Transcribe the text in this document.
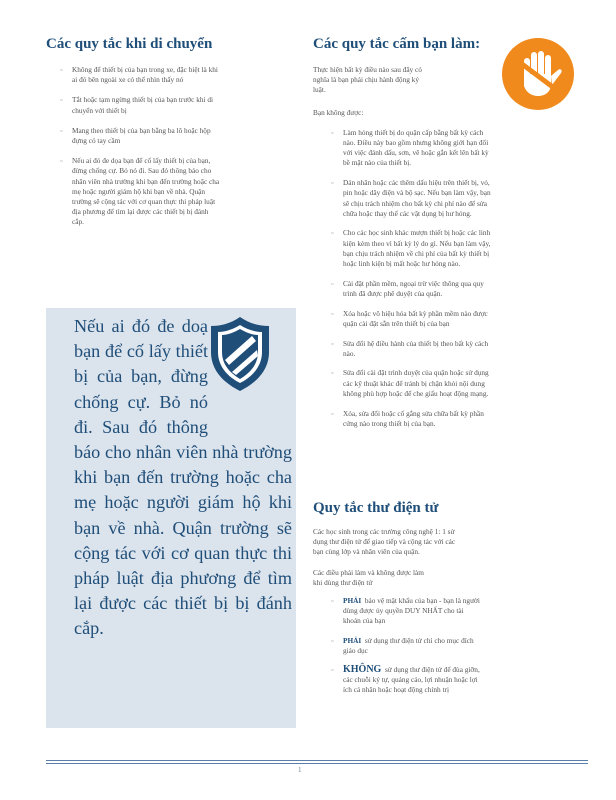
Các quy tắc khi di chuyển
▫ Không để thiết bị của bạn trong xe, đặc biệt là khi ai đó bên ngoài xe có thể nhìn thấy nó
▫ Tắt hoặc tạm ngừng thiết bị của bạn trước khi di chuyển với thiết bị
▫ Mang theo thiết bị của bạn bằng ba lô hoặc hộp đựng có tay cầm
▫ Nếu ai đó đe dọa bạn để cố lấy thiết bị của bạn, đừng chống cự. Bỏ nó đi. Sau đó thông báo cho nhân viên nhà trường khi bạn đến trường hoặc cha mẹ hoặc người giám hộ khi bạn về nhà. Quận trường sẽ cộng tác với cơ quan thực thi pháp luật địa phương để tìm lại được các thiết bị bị đánh cắp.
Nếu ai đó đe doạ bạn để cố lấy thiết bị của bạn, đừng chống cự. Bỏ nó đi. Sau đó thông báo cho nhân viên nhà trường khi bạn đến trường hoặc cha mẹ hoặc người giám hộ khi bạn về nhà. Quận trường sẽ cộng tác với cơ quan thực thi pháp luật địa phương để tìm lại được các thiết bị bị đánh cắp.
Các quy tắc cấm bạn làm:

Thực hiện bất kỳ điều nào sau đây có nghĩa là bạn phải chịu hành động kỷ luật.

Bạn không được:

▫ Làm hỏng thiết bị do quận cấp bằng bất kỳ cách nào. Điều này bao gồm nhưng không giới hạn đối với việc đánh dấu, sơn, vẽ hoặc gắn kết lên bất kỳ bề mặt nào của thiết bị.
▫ Dán nhãn hoặc các thêm dấu hiệu trên thiết bị, vỏ, pin hoặc dây điện và bộ sạc. Nếu bạn làm vậy, bạn sẽ chịu trách nhiệm cho bất kỳ chi phí nào để sửa chữa hoặc thay thế các vật dụng bị hư hỏng.
▫ Cho các học sinh khác mượn thiết bị hoặc các linh kiện kèm theo vì bất kỳ lý do gì. Nếu bạn làm vậy, bạn chịu trách nhiệm về chi phí của bất kỳ thiết bị hoặc linh kiện bị mất hoặc hư hỏng nào.
▫ Cài đặt phần mềm, ngoại trừ việc thông qua quy trình đã được phê duyệt của quận.
▫ Xóa hoặc vô hiệu hóa bất kỳ phần mềm nào được quận cài đặt sẵn trên thiết bị của bạn
▫ Sửa đổi hệ điều hành của thiết bị theo bất kỳ cách nào.
▫ Sửa đổi cài đặt trình duyệt của quận hoặc sử dụng các kỹ thuật khác để tránh bị chặn khỏi nội dung không phù hợp hoặc để che giấu hoạt động mạng.
▫ Xóa, sửa đổi hoặc cố gắng sửa chữa bất kỳ phần cứng nào trong thiết bị của bạn.
Quy tắc thư điện tử

Các học sinh trong các trường công nghệ 1: 1 sử dụng thư điện tử để giao tiếp và cộng tác với các bạn cùng lớp và nhân viên của quận.

Các điều phải làm và không được làm khi dùng thư điện tử

▫ PHẢI bảo vệ mật khẩu của bạn - bạn là người dùng được ủy quyền DUY NHẤT cho tài khoản của bạn
▫ PHẢI sử dụng thư điện tử chỉ cho mục đích giáo dục
▫ KHÔNG sử dụng thư điện tử để đùa giỡn, các chuỗi ký tự, quảng cáo, lợi nhuận hoặc lợi ích cá nhân hoặc hoạt động chính trị
1
